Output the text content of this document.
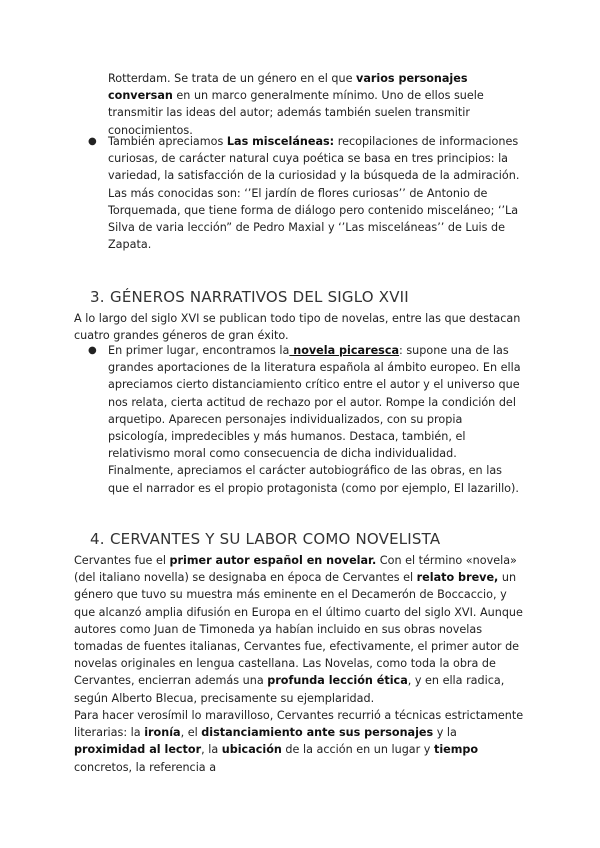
Rotterdam. Se trata de un género en el que varios personajes conversan en un marco generalmente mínimo. Uno de ellos suele transmitir las ideas del autor; además también suelen transmitir conocimientos.

● También apreciamos Las misceláneas: recopilaciones de informaciones curiosas, de carácter natural cuya poética se basa en tres principios: la variedad, la satisfacción de la curiosidad y la búsqueda de la admiración. Las más conocidas son: ‘’El jardín de flores curiosas’’ de Antonio de Torquemada, que tiene forma de diálogo pero contenido misceláneo; ‘’La Silva de varia lección” de Pedro Maxial y ‘’Las misceláneas’’ de Luis de Zapata.
3. GÉNEROS NARRATIVOS DEL SIGLO XVII

A lo largo del siglo XVI se publican todo tipo de novelas, entre las que destacan cuatro grandes géneros de gran éxito.

● En primer lugar, encontramos la novela picaresca: supone una de las grandes aportaciones de la literatura española al ámbito europeo. En ella apreciamos cierto distanciamiento crítico entre el autor y el universo que nos relata, cierta actitud de rechazo por el autor. Rompe la condición del arquetipo. Aparecen personajes individualizados, con su propia psicología, impredecibles y más humanos. Destaca, también, el relativismo moral como consecuencia de dicha individualidad. Finalmente, apreciamos el carácter autobiográfico de las obras, en las que el narrador es el propio protagonista (como por ejemplo, El lazarillo).
4. CERVANTES Y SU LABOR COMO NOVELISTA

Cervantes fue el primer autor español en novelar. Con el término «novela» (del italiano novella) se designaba en época de Cervantes el relato breve, un género que tuvo su muestra más eminente en el Decamerón de Boccaccio, y que alcanzó amplia difusión en Europa en el último cuarto del siglo XVI. Aunque autores como Juan de Timoneda ya habían incluido en sus obras novelas tomadas de fuentes italianas, Cervantes fue, efectivamente, el primer autor de novelas originales en lengua castellana. Las Novelas, como toda la obra de Cervantes, encierran además una profunda lección ética, y en ella radica, según Alberto Blecua, precisamente su ejemplaridad.

Para hacer verosímil lo maravilloso, Cervantes recurrió a técnicas estrictamente literarias: la ironía, el distanciamiento ante sus personajes y la proximidad al lector, la ubicación de la acción en un lugar y tiempo concretos, la referencia a
